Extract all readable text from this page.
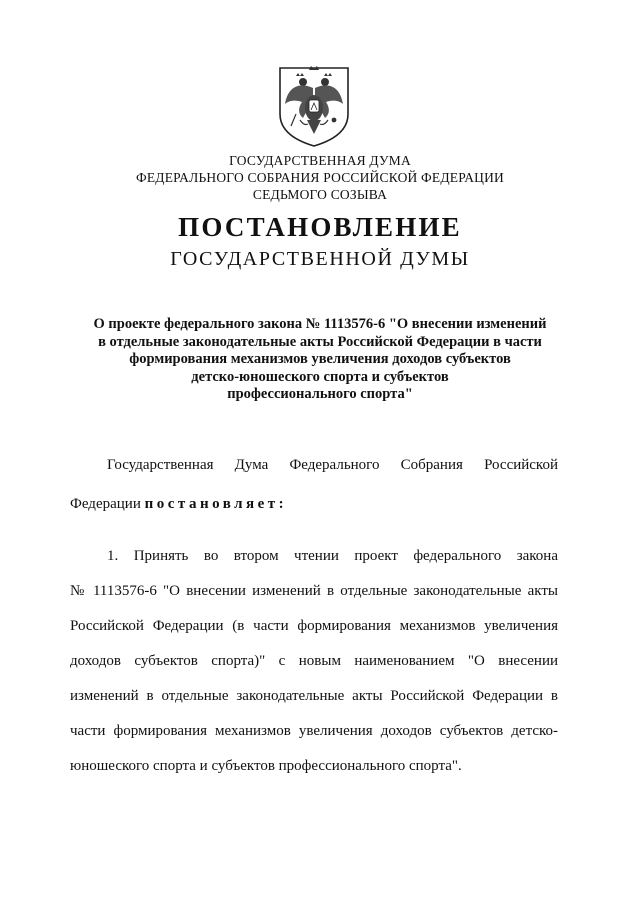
ГОСУДАРСТВЕННАЯ ДУМА
ФЕДЕРАЛЬНОГО СОБРАНИЯ РОССИЙСКОЙ ФЕДЕРАЦИИ
СЕДЬМОГО СОЗЫВА
ПОСТАНОВЛЕНИЕ
ГОСУДАРСТВЕННОЙ ДУМЫ
О проекте федерального закона № 1113576-6 "О внесении изменений
в отдельные законодательные акты Российской Федерации в части
формирования механизмов увеличения доходов субъектов
детско-юношеского спорта и субъектов
профессионального спорта"
Государственная Дума Федерального Собрания Российской
Федерации постановляет:
1. Принять во втором чтении проект федерального закона
№ 1113576-6 "О внесении изменений в отдельные законодательные акты
Российской Федерации (в части формирования механизмов увеличения
доходов субъектов спорта)" с новым наименованием "О внесении
изменений в отдельные законодательные акты Российской Федерации в
части формирования механизмов увеличения доходов субъектов детско-
юношеского спорта и субъектов профессионального спорта".
